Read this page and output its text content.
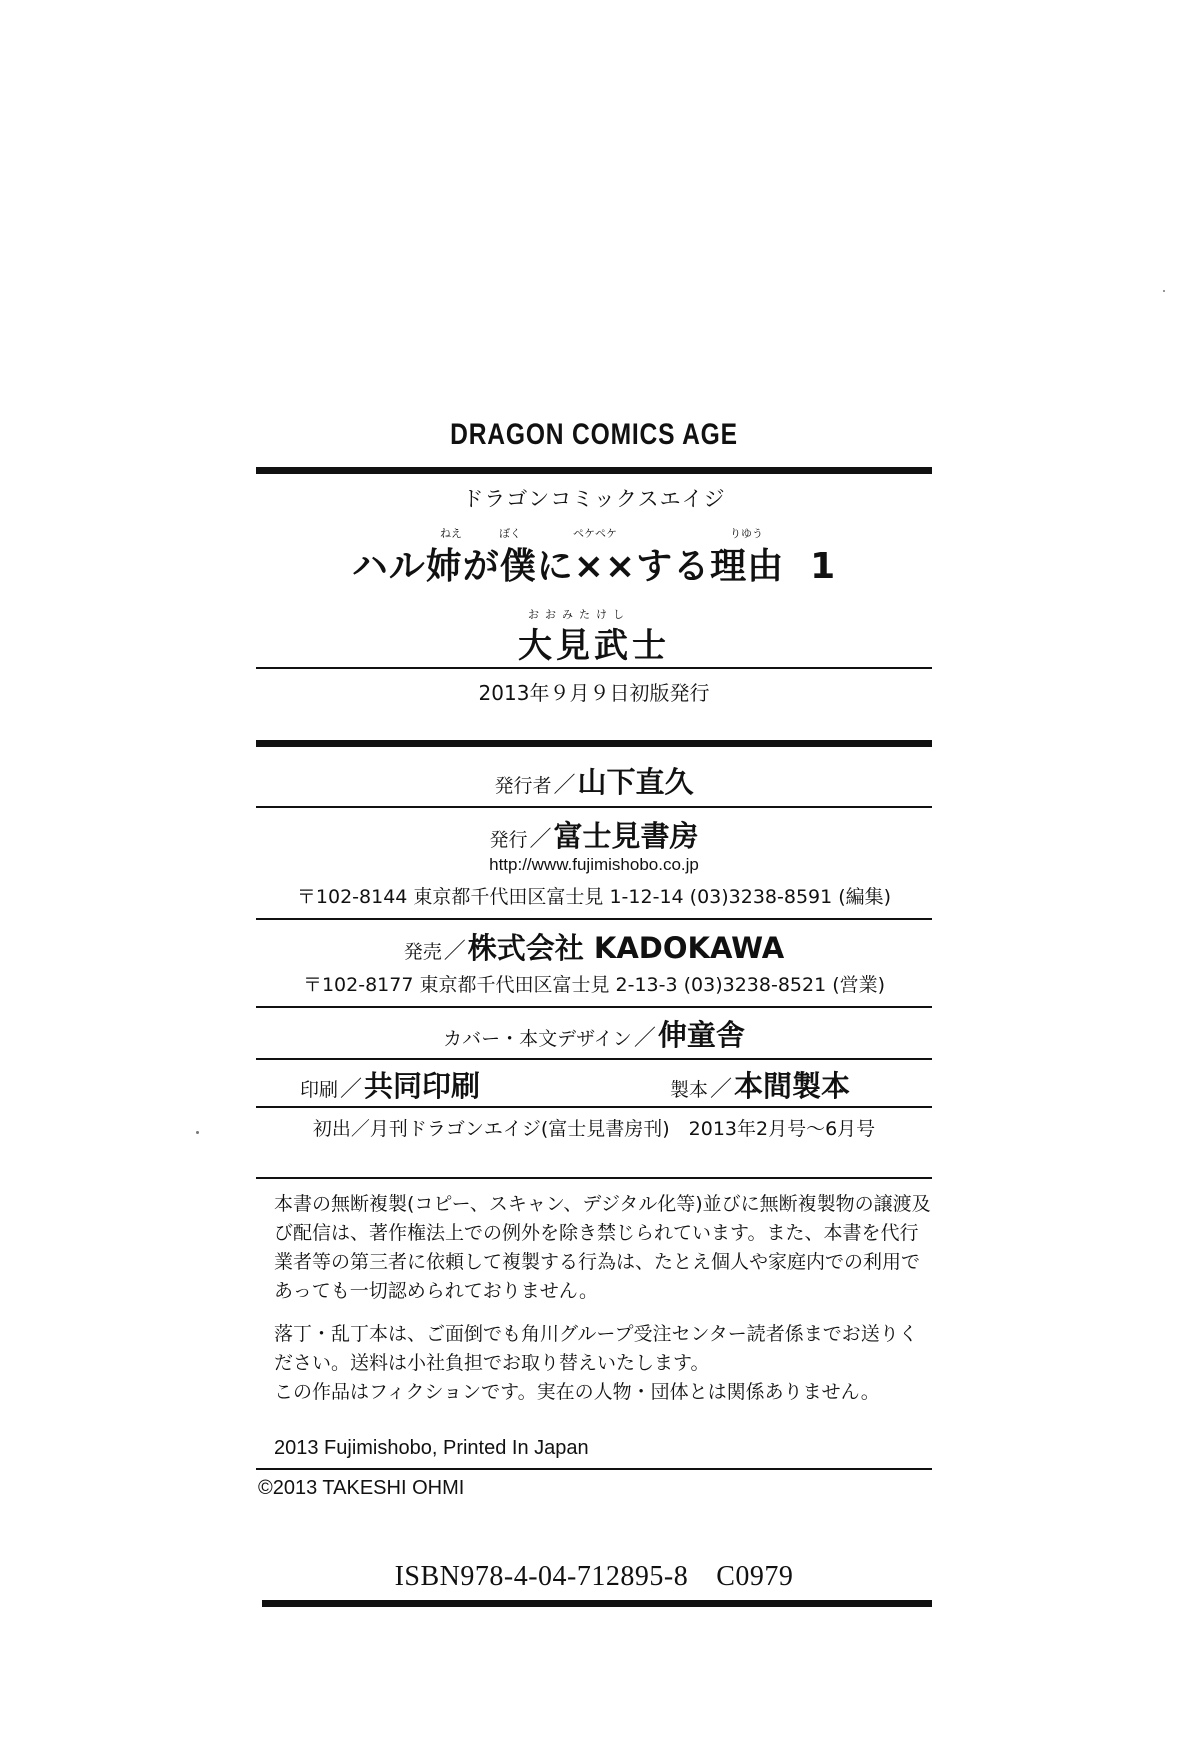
DRAGON COMICS AGE
ドラゴンコミックスエイジ
ねえ	ぼく	ペケペケ	りゆう
ハル姉が僕に××する理由 1
おおみたけし
大見武士
2013年９月９日初版発行
発行者／山下直久
発行／富士見書房
http://www.fujimishobo.co.jp
〒102-8144 東京都千代田区富士見 1-12-14 (03)3238-8591 (編集)
発売／株式会社 KADOKAWA
〒102-8177 東京都千代田区富士見 2-13-3 (03)3238-8521 (営業)
カバー・本文デザイン／伸童舎
印刷／共同印刷	製本／本間製本
初出／月刊ドラゴンエイジ(富士見書房刊)　2013年2月号〜6月号

本書の無断複製(コピー、スキャン、デジタル化等)並びに無断複製物の譲渡及び配信は、著作権法上での例外を除き禁じられています。また、本書を代行業者等の第三者に依頼して複製する行為は、たとえ個人や家庭内での利用であっても一切認められておりません。

落丁・乱丁本は、ご面倒でも角川グループ受注センター読者係までお送りください。送料は小社負担でお取り替えいたします。

この作品はフィクションです。実在の人物・団体とは関係ありません。

2013 Fujimishobo, Printed In Japan
©2013 TAKESHI OHMI
ISBN978-4-04-712895-8 C0979
